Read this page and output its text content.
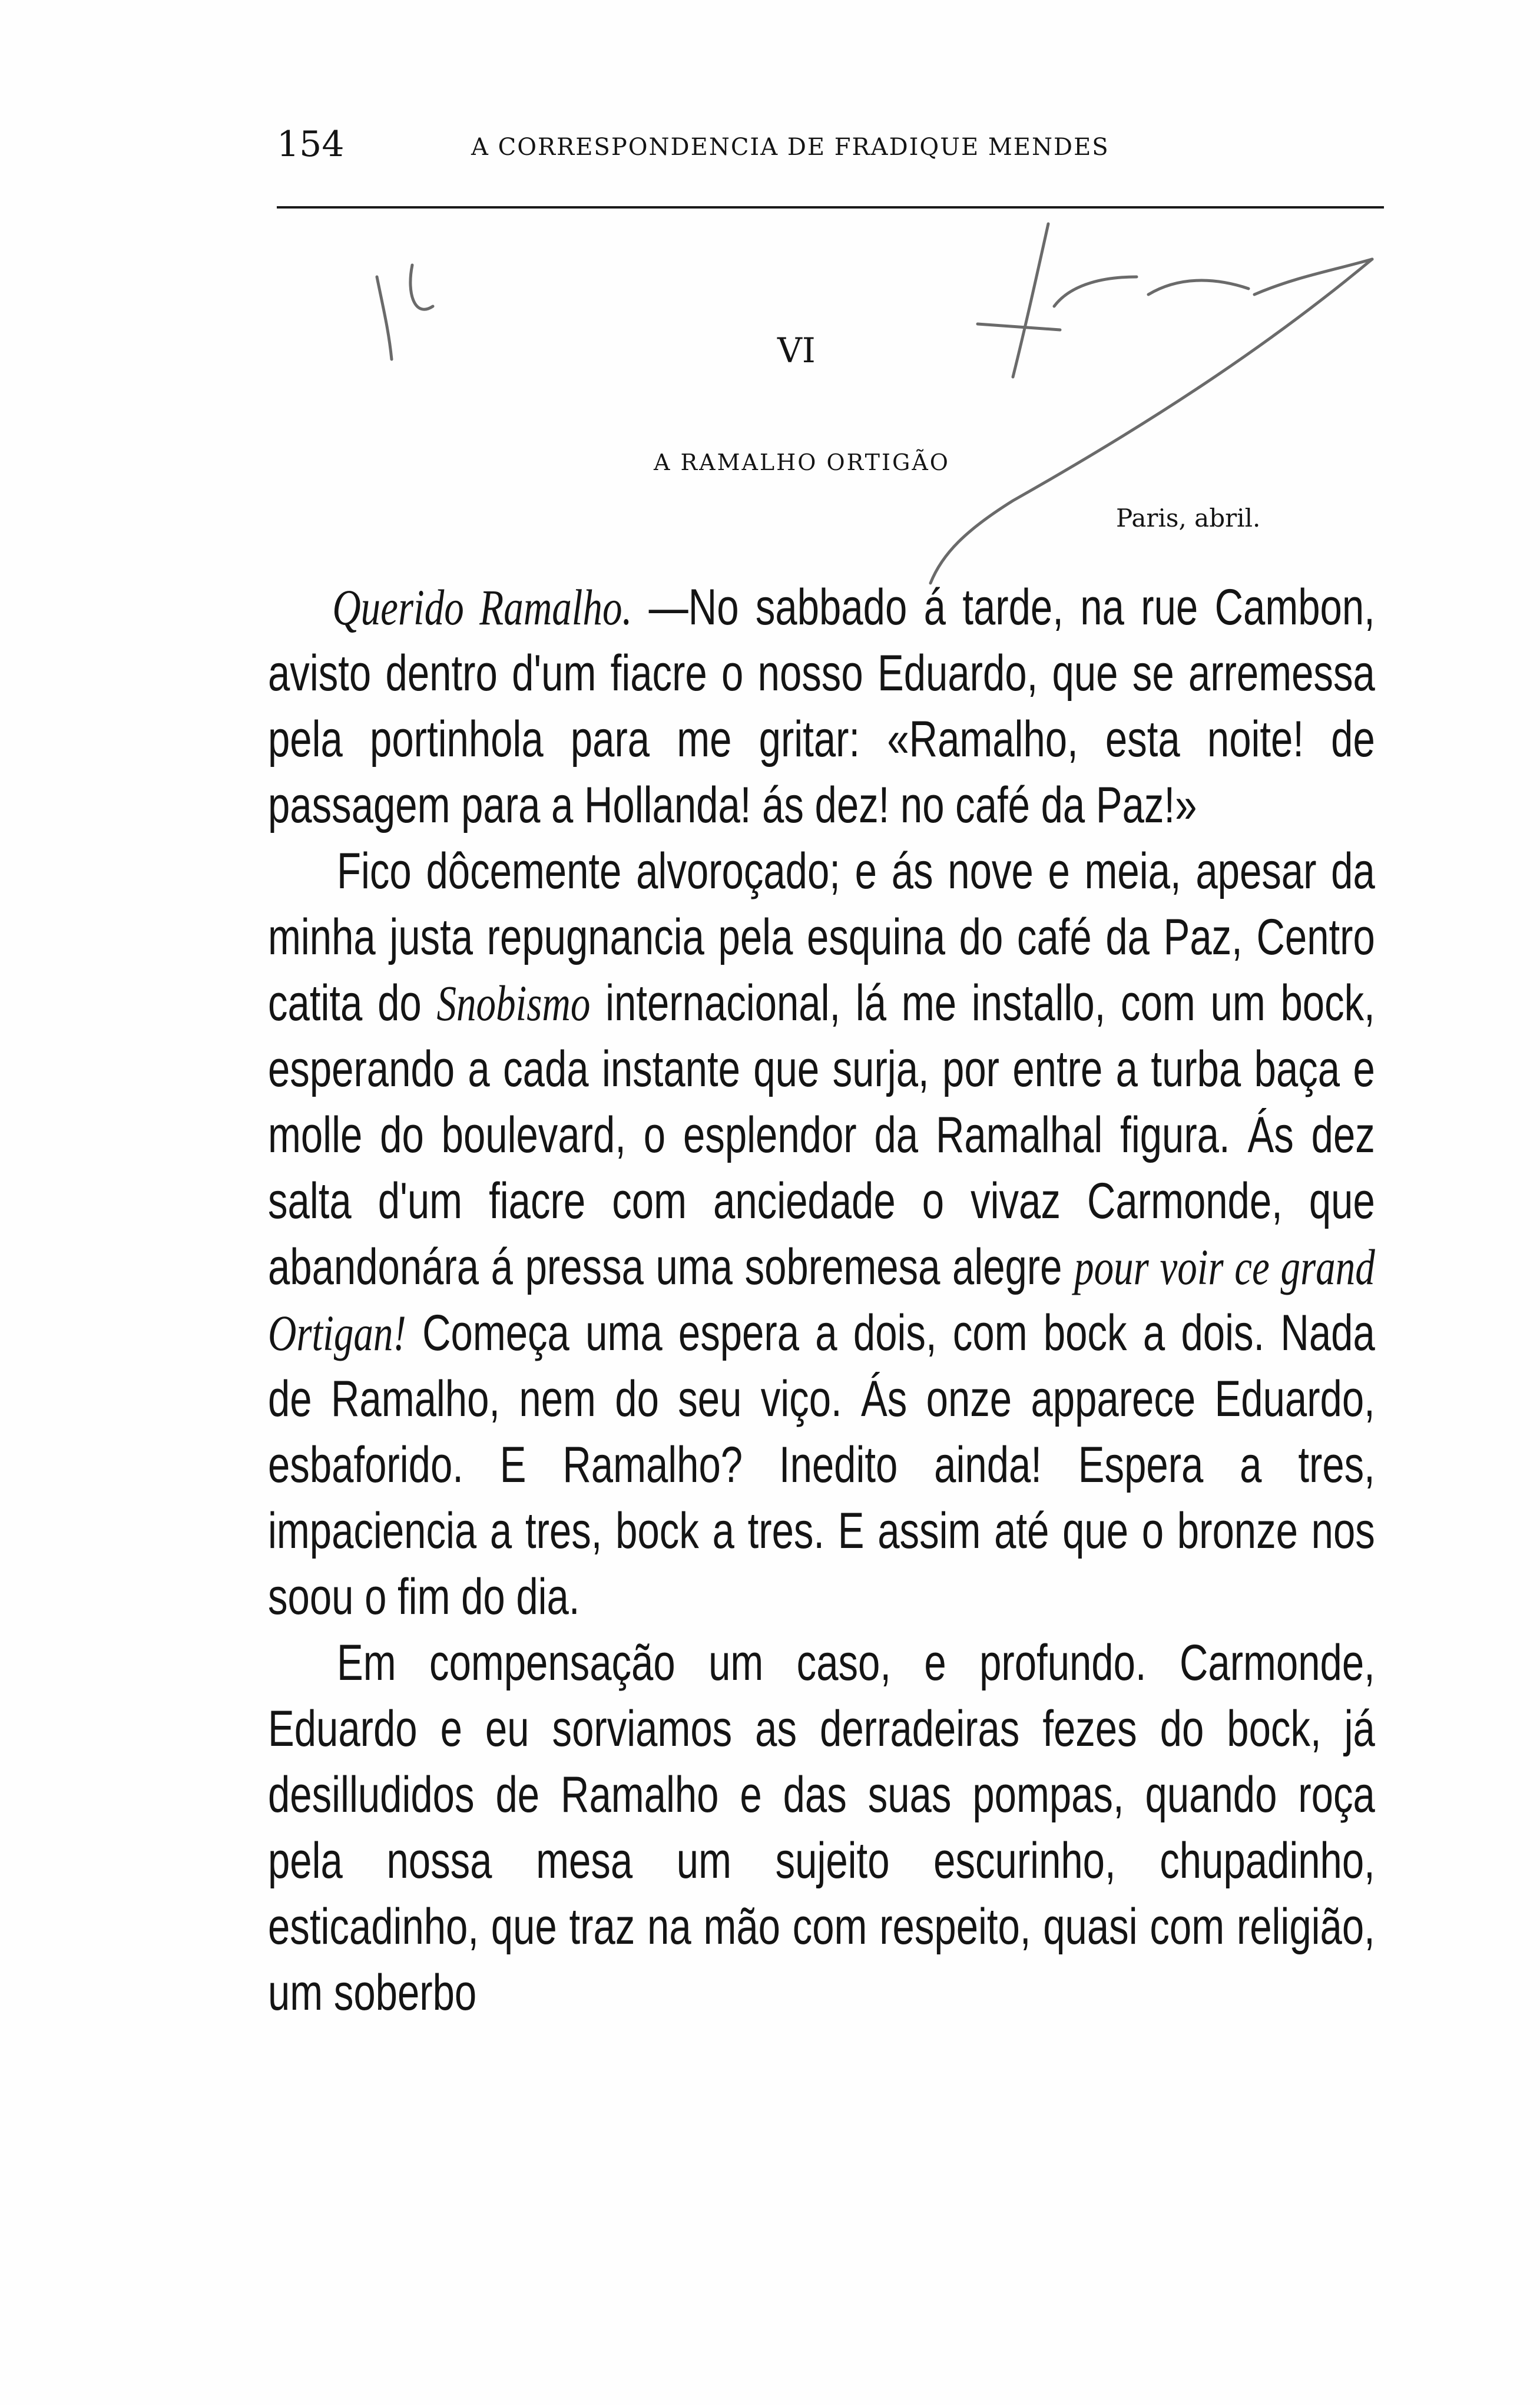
154	A CORRESPONDENCIA DE FRADIQUE MENDES
VI
A RAMALHO ORTIGÃO
Paris, abril.

Querido Ramalho. —No sabbado á tarde, na rue Cambon, avisto dentro d'um fiacre o nosso Eduardo, que se arremessa pela portinhola para me gritar: «Ramalho, esta noite! de passagem para a Hollanda! ás dez! no café da Paz!»

Fico dôcemente alvoroçado; e ás nove e meia, apesar da minha justa repugnancia pela esquina do café da Paz, Centro catita do Snobismo internacional, lá me installo, com um bock, esperando a cada instante que surja, por entre a turba baça e molle do boulevard, o esplendor da Ramalhal figura. Ás dez salta d'um fiacre com anciedade o vivaz Carmonde, que abandonára á pressa uma sobremesa alegre pour voir ce grand Ortigan! Começa uma espera a dois, com bock a dois. Nada de Ramalho, nem do seu viço. Ás onze apparece Eduardo, esbaforido. E Ramalho? Inedito ainda! Espera a tres, impaciencia a tres, bock a tres. E assim até que o bronze nos soou o fim do dia.

Em compensação um caso, e profundo. Carmonde, Eduardo e eu sorviamos as derradeiras fezes do bock, já desilludidos de Ramalho e das suas pompas, quando roça pela nossa mesa um sujeito escurinho, chupadinho, esticadinho, que traz na mão com respeito, quasi com religião, um soberbo
